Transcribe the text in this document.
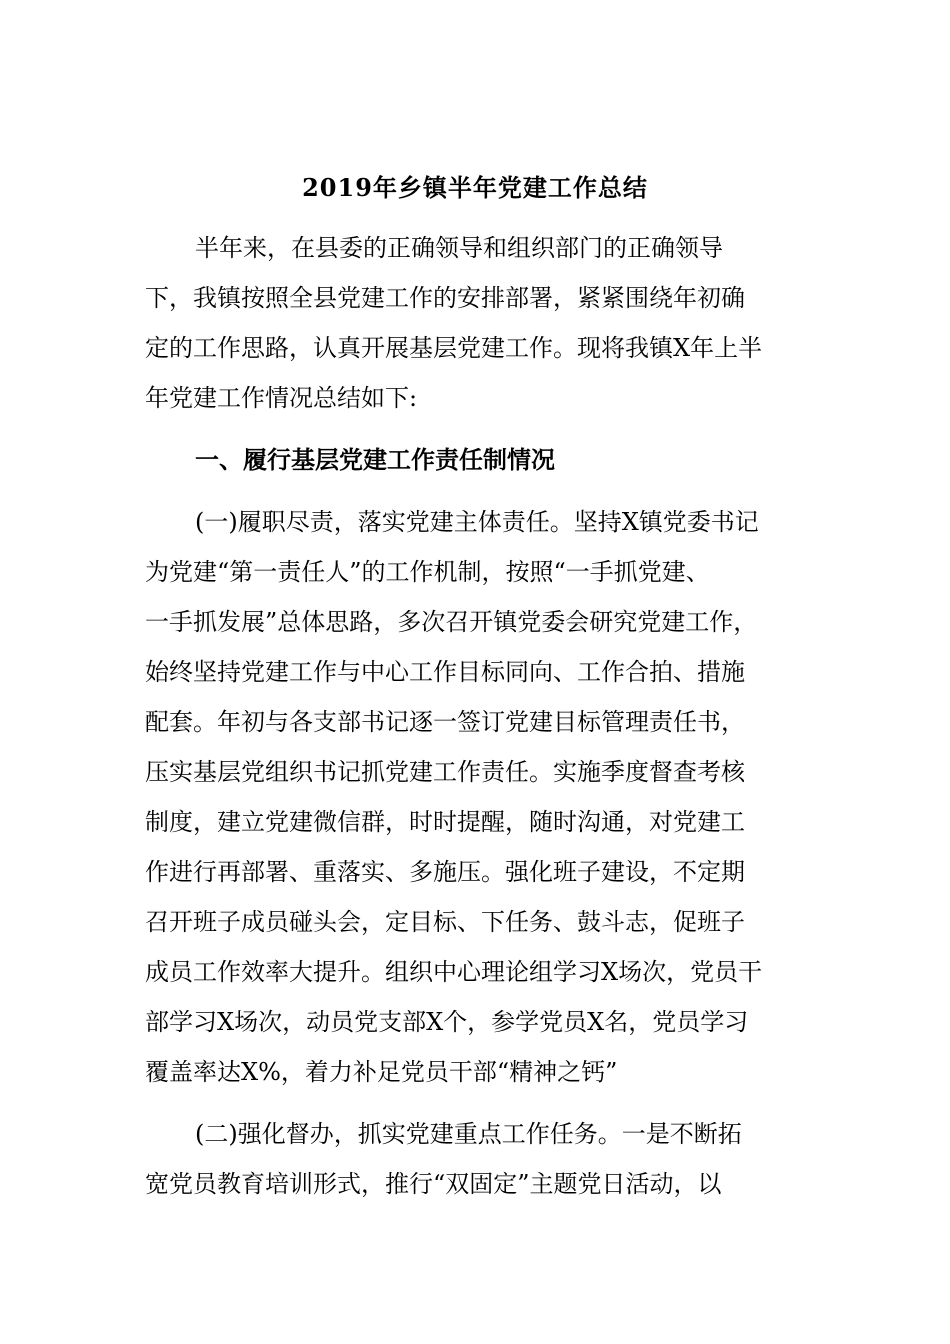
2019年乡镇半年党建工作总结
半年来，在县委的正确领导和组织部门的正确领导
下，我镇按照全县党建工作的安排部署，紧紧围绕年初确
定的工作思路，认真开展基层党建工作。现将我镇X年上半
年党建工作情况总结如下:
一、履行基层党建工作责任制情况
(一)履职尽责，落实党建主体责任。坚持X镇党委书记
为党建“第一责任人”的工作机制，按照“一手抓党建、
一手抓发展”总体思路，多次召开镇党委会研究党建工作，
始终坚持党建工作与中心工作目标同向、工作合拍、措施
配套。年初与各支部书记逐一签订党建目标管理责任书，
压实基层党组织书记抓党建工作责任。实施季度督查考核
制度，建立党建微信群，时时提醒，随时沟通，对党建工
作进行再部署、重落实、多施压。强化班子建设，不定期
召开班子成员碰头会，定目标、下任务、鼓斗志，促班子
成员工作效率大提升。组织中心理论组学习X场次，党员干
部学习X场次，动员党支部X个，参学党员X名，党员学习
覆盖率达X%，着力补足党员干部“精神之钙”
(二)强化督办，抓实党建重点工作任务。一是不断拓
宽党员教育培训形式，推行“双固定”主题党日活动，以
